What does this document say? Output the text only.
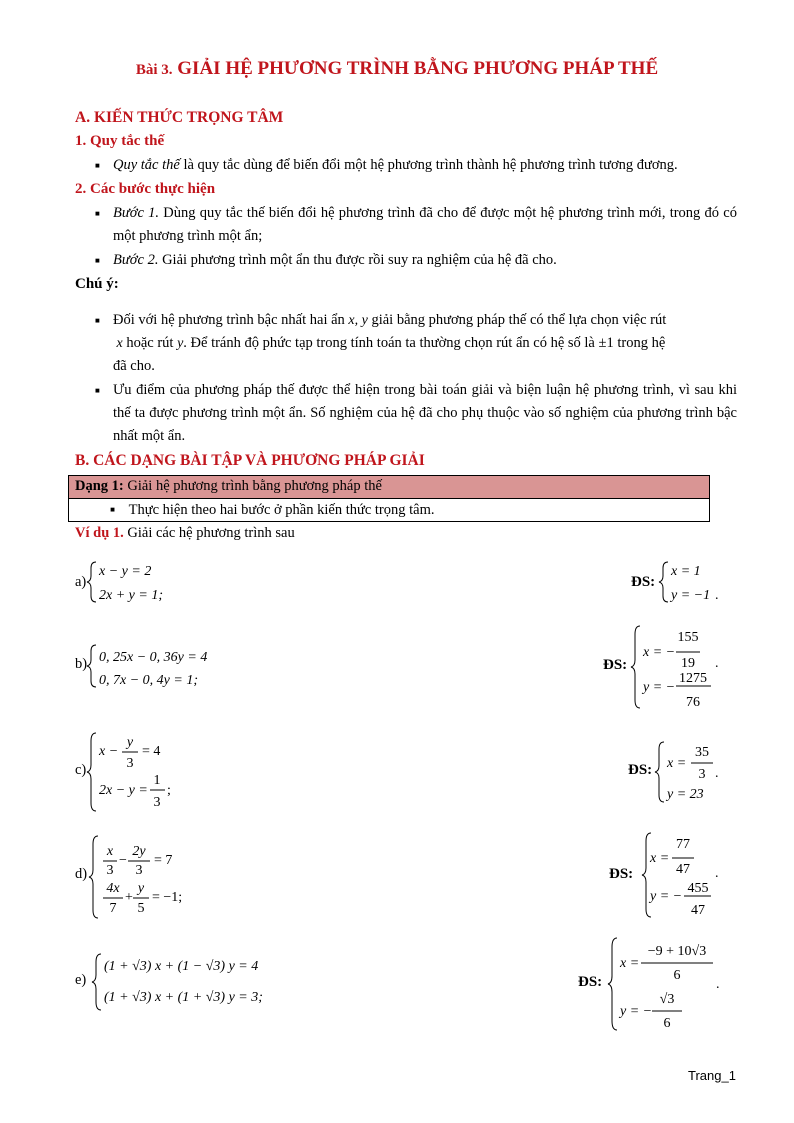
Bài 3. GIẢI HỆ PHƯƠNG TRÌNH BẰNG PHƯƠNG PHÁP THẾ
A. KIẾN THỨC TRỌNG TÂM
1. Quy tắc thế
■ Quy tắc thế là quy tắc dùng để biến đổi một hệ phương trình thành hệ phương trình tương đương.
2. Các bước thực hiện
■ Bước 1. Dùng quy tắc thế biến đổi hệ phương trình đã cho để được một hệ phương trình mới, trong đó có một phương trình một ẩn;
■ Bước 2. Giải phương trình một ẩn thu được rồi suy ra nghiệm của hệ đã cho.
Chú ý:
■ Đối với hệ phương trình bậc nhất hai ẩn x, y giải bằng phương pháp thế có thể lựa chọn việc rút
x hoặc rút y. Để tránh độ phức tạp trong tính toán ta thường chọn rút ẩn có hệ số là ±1 trong hệ
đã cho.
■ Ưu điểm của phương pháp thế được thể hiện trong bài toán giải và biện luận hệ phương trình, vì sau khi thế ta được phương trình một ẩn. Số nghiệm của hệ đã cho phụ thuộc vào số nghiệm của phương trình bậc nhất một ẩn.
B. CÁC DẠNG BÀI TẬP VÀ PHƯƠNG PHÁP GIẢI
Dạng 1: Giải hệ phương trình bằng phương pháp thế
■ Thực hiện theo hai bước ở phần kiến thức trọng tâm.
Ví dụ 1. Giải các hệ phương trình sau
a)
b)
c)
d)
e)
ĐS:
ĐS:
ĐS:
ĐS:
ĐS:
x − y = 2
2x + y = 1;
x = 1
y = −1 .
0, 25x − 0, 36y = 4
0, 7x − 0, 4y = 1;
x = −
155
19
y = −
1275
76
.
x −
y
3
= 4
2x − y =
1
3
;
x =
35
3 .
y = 23
x
3
−
2y
3
= 7
4x
7
+
y
5
= −1;
x =
77
47
y = −
455
47
.
(1 + √3) x + (1 − √3) y = 4
(1 + √3) x + (1 + √3) y = 3;
x =
−9 + 10√3
6
y = −
√3
6
.
Trang_1
